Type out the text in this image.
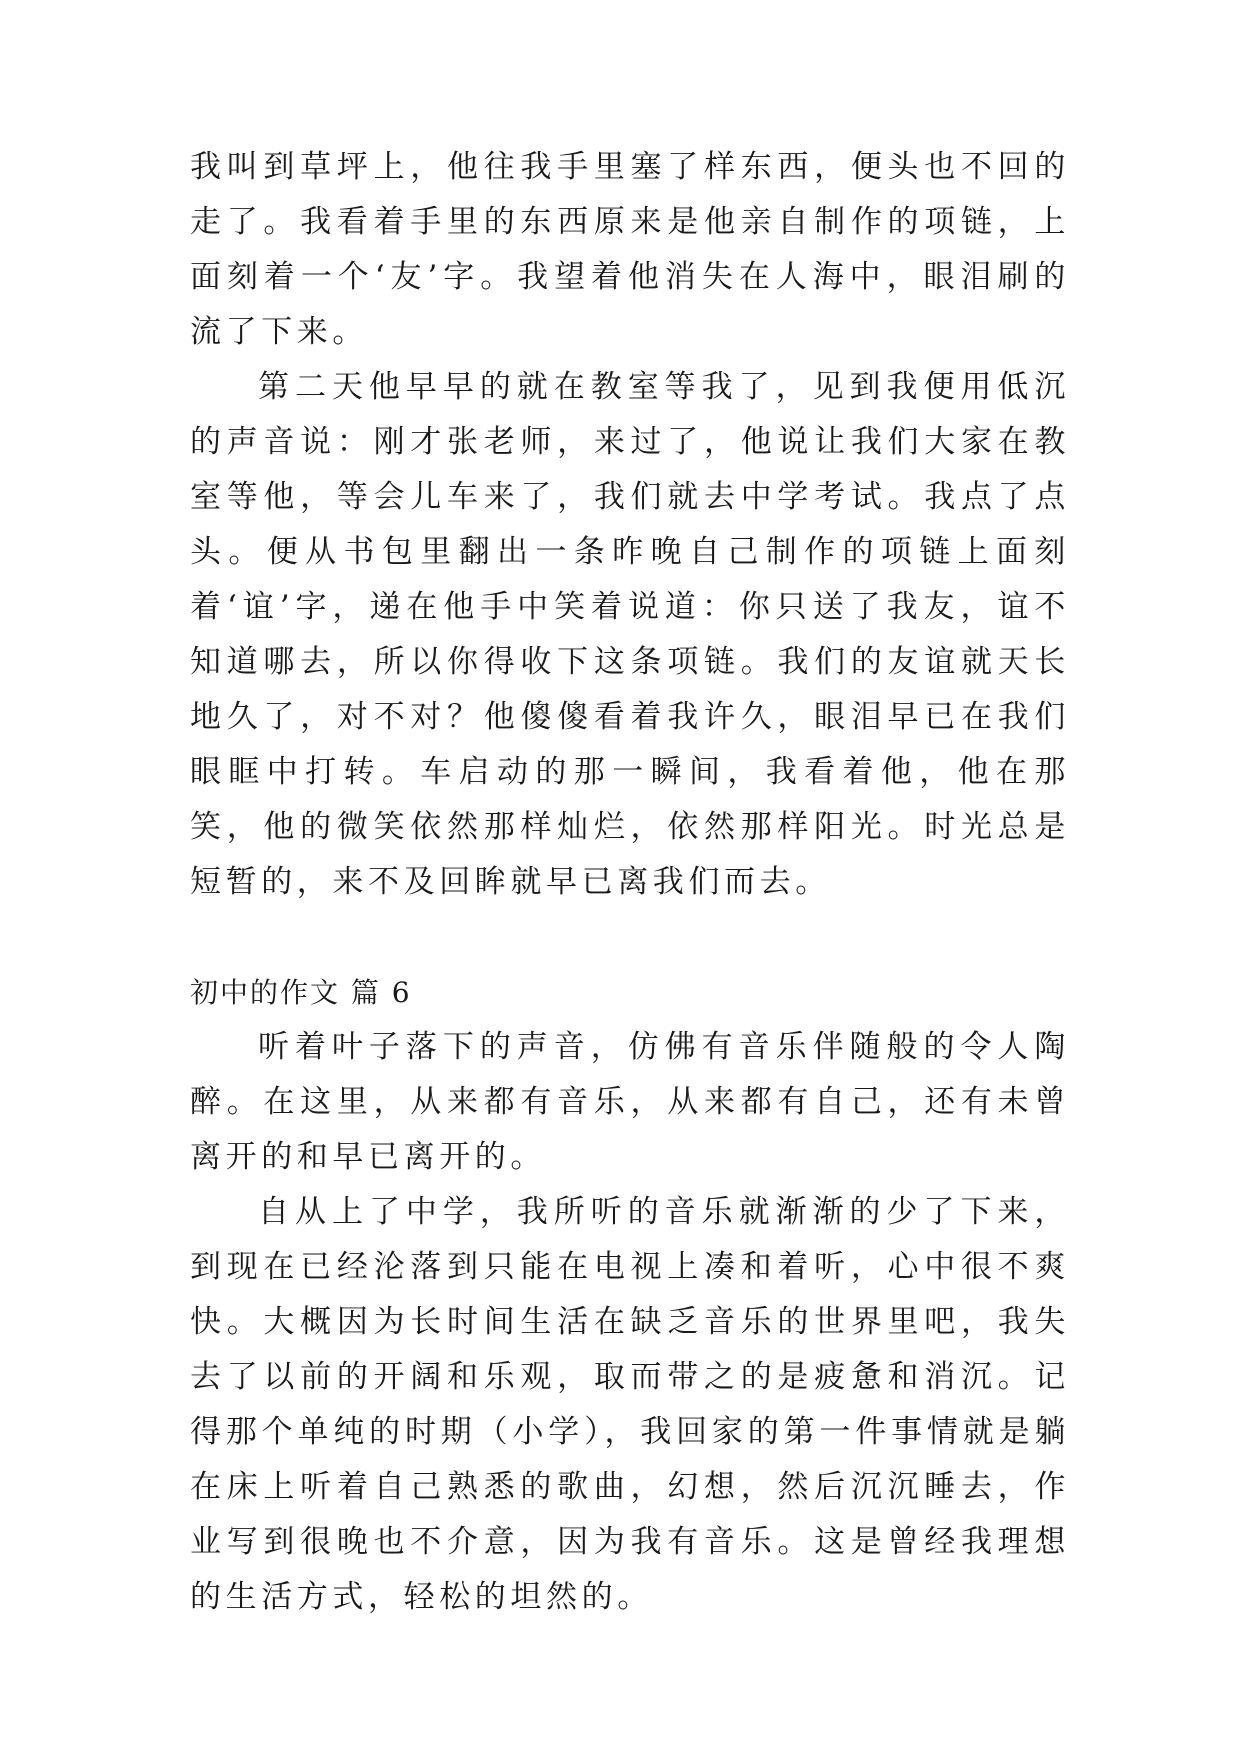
我叫到草坪上，他往我手里塞了样东西，便头也不回的走了。我看着手里的东西原来是他亲自制作的项链，上面刻着一个‘友’字。我望着他消失在人海中，眼泪刷的流了下来。

第二天他早早的就在教室等我了，见到我便用低沉的声音说：刚才张老师，来过了，他说让我们大家在教室等他，等会儿车来了，我们就去中学考试。我点了点头。便从书包里翻出一条昨晚自己制作的项链上面刻着‘谊’字，递在他手中笑着说道：你只送了我友，谊不知道哪去，所以你得收下这条项链。我们的友谊就天长地久了，对不对？他傻傻看着我许久，眼泪早已在我们眼眶中打转。车启动的那一瞬间，我看着他，他在那笑，他的微笑依然那样灿烂，依然那样阳光。时光总是短暂的，来不及回眸就早已离我们而去。

初中的作文 篇 6

听着叶子落下的声音，仿佛有音乐伴随般的令人陶醉。在这里，从来都有音乐，从来都有自己，还有未曾离开的和早已离开的。

自从上了中学，我所听的音乐就渐渐的少了下来，到现在已经沦落到只能在电视上凑和着听，心中很不爽快。大概因为长时间生活在缺乏音乐的世界里吧，我失去了以前的开阔和乐观，取而带之的是疲惫和消沉。记得那个单纯的时期（小学），我回家的第一件事情就是躺在床上听着自己熟悉的歌曲，幻想，然后沉沉睡去，作业写到很晚也不介意，因为我有音乐。这是曾经我理想的生活方式，轻松的坦然的。
